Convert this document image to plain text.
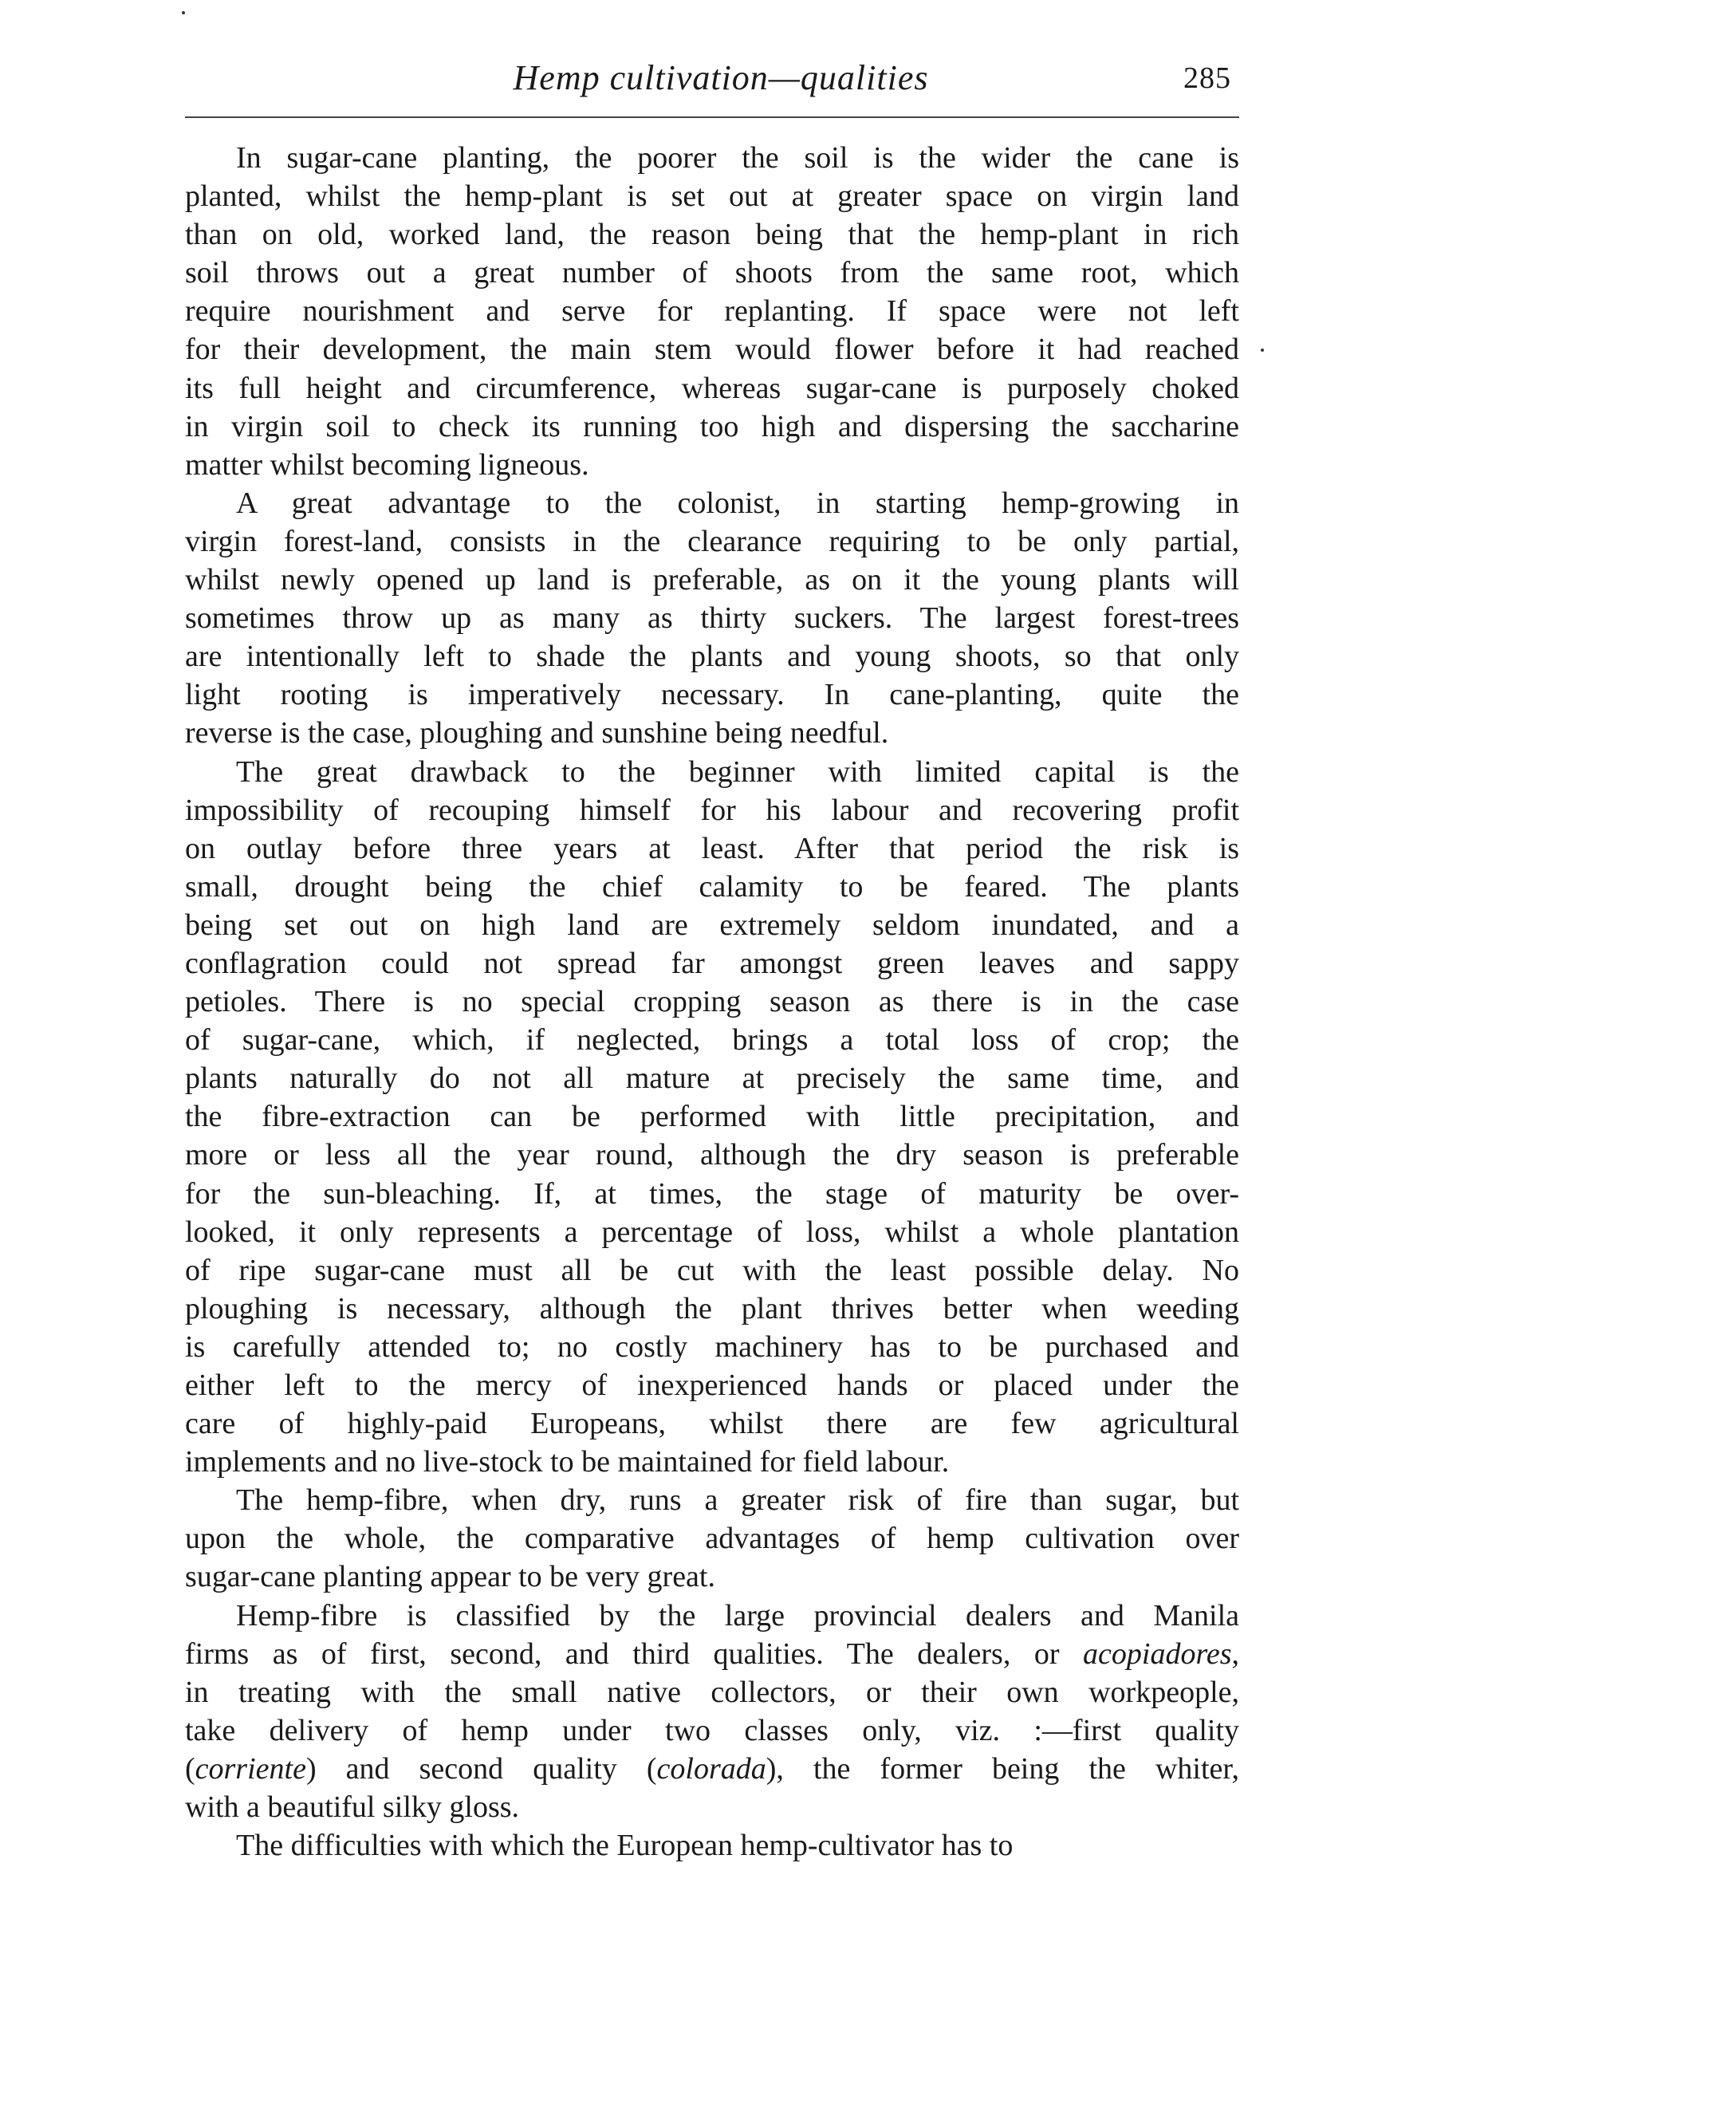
Hemp cultivation—qualities	285
In sugar-cane planting, the poorer the soil is the wider the cane is
planted, whilst the hemp-plant is set out at greater space on virgin land
than on old, worked land, the reason being that the hemp-plant in rich
soil throws out a great number of shoots from the same root, which
require nourishment and serve for replanting. If space were not left
for their development, the main stem would flower before it had reached
its full height and circumference, whereas sugar-cane is purposely choked
in virgin soil to check its running too high and dispersing the saccharine
matter whilst becoming ligneous.
A great advantage to the colonist, in starting hemp-growing in
virgin forest-land, consists in the clearance requiring to be only partial,
whilst newly opened up land is preferable, as on it the young plants will
sometimes throw up as many as thirty suckers. The largest forest-trees
are intentionally left to shade the plants and young shoots, so that only
light rooting is imperatively necessary. In cane-planting, quite the
reverse is the case, ploughing and sunshine being needful.
The great drawback to the beginner with limited capital is the
impossibility of recouping himself for his labour and recovering profit
on outlay before three years at least. After that period the risk is
small, drought being the chief calamity to be feared. The plants
being set out on high land are extremely seldom inundated, and a
conflagration could not spread far amongst green leaves and sappy
petioles. There is no special cropping season as there is in the case
of sugar-cane, which, if neglected, brings a total loss of crop; the
plants naturally do not all mature at precisely the same time, and
the fibre-extraction can be performed with little precipitation, and
more or less all the year round, although the dry season is preferable
for the sun-bleaching. If, at times, the stage of maturity be over-
looked, it only represents a percentage of loss, whilst a whole plantation
of ripe sugar-cane must all be cut with the least possible delay. No
ploughing is necessary, although the plant thrives better when weeding
is carefully attended to; no costly machinery has to be purchased and
either left to the mercy of inexperienced hands or placed under the
care of highly-paid Europeans, whilst there are few agricultural
implements and no live-stock to be maintained for field labour.
The hemp-fibre, when dry, runs a greater risk of fire than sugar, but
upon the whole, the comparative advantages of hemp cultivation over
sugar-cane planting appear to be very great.
Hemp-fibre is classified by the large provincial dealers and Manila
firms as of first, second, and third qualities. The dealers, or acopiadores,
in treating with the small native collectors, or their own workpeople,
take delivery of hemp under two classes only, viz. :—first quality
(corriente) and second quality (colorada), the former being the whiter,
with a beautiful silky gloss.
The difficulties with which the European hemp-cultivator has to
